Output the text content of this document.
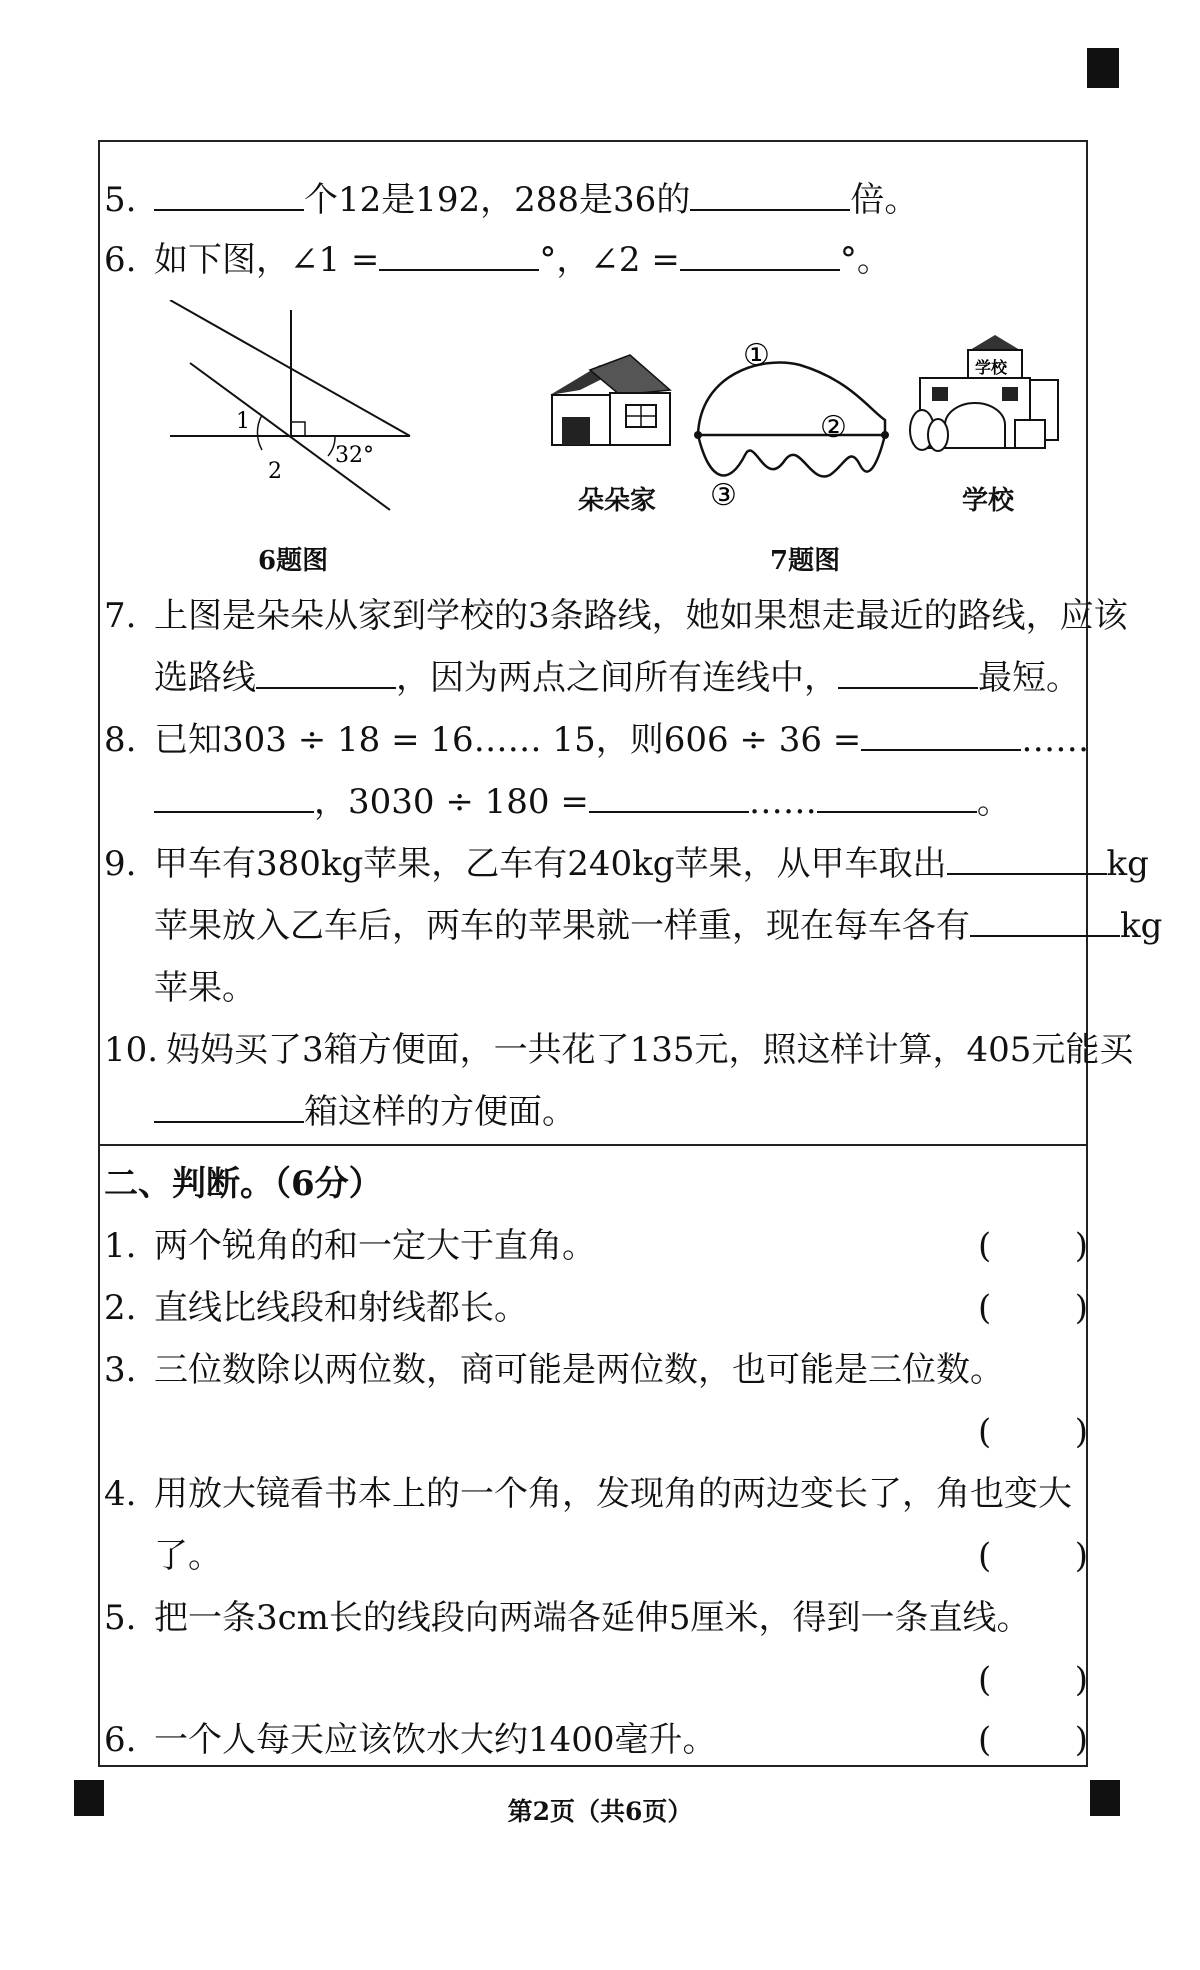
5.	个12是192，288是36的	倍。
6. 如下图，∠1 =	°，∠2 =	°。
1
2
32°
6题图
①
②
③
学校
朵朵家	学校
7题图
7. 上图是朵朵从家到学校的3条路线，她如果想走最近的路线，应该
选路线	，因为两点之间所有连线中，	最短。
8. 已知303 ÷ 18 = 16…… 15，则606 ÷ 36 =	……
，3030 ÷ 180 =	……	。
9. 甲车有380kg苹果，乙车有240kg苹果，从甲车取出	kg
苹果放入乙车后，两车的苹果就一样重，现在每车各有	kg
苹果。
10. 妈妈买了3箱方便面，一共花了135元，照这样计算，405元能买
箱这样的方便面。
二、判断。（6分）
1. 两个锐角的和一定大于直角。	( )
2. 直线比线段和射线都长。	( )
3. 三位数除以两位数，商可能是两位数，也可能是三位数。
( )
4. 用放大镜看书本上的一个角，发现角的两边变长了，角也变大
了。	( )
5. 把一条3cm长的线段向两端各延伸5厘米，得到一条直线。
( )
6. 一个人每天应该饮水大约1400毫升。	( )
第2页（共6页）
